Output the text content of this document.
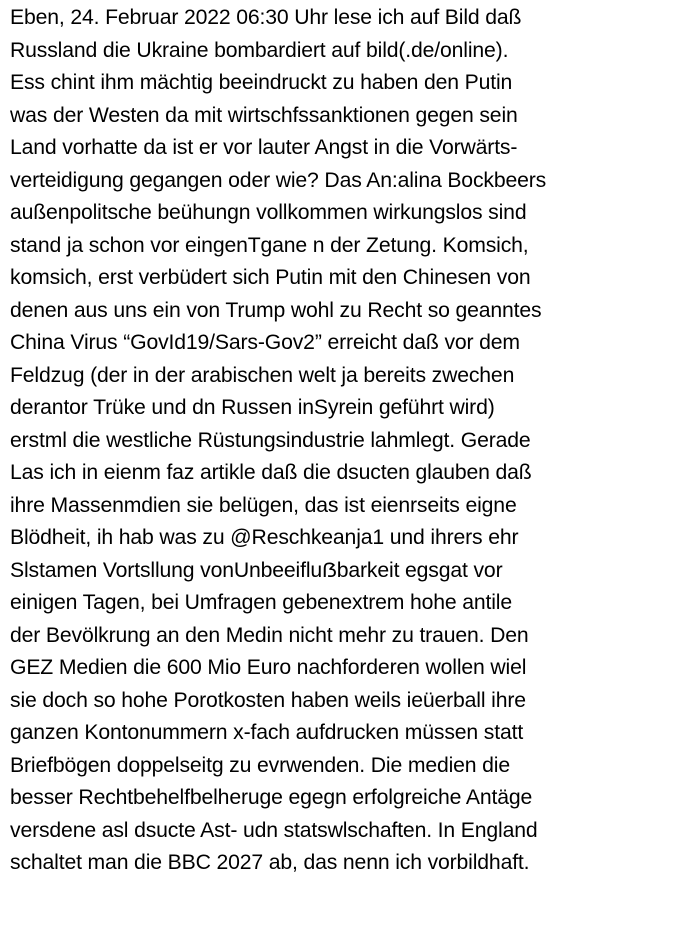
Eben, 24. Februar 2022 06:30 Uhr lese ich auf Bild daß
Russland die Ukraine bombardiert auf bild(.de/online).
Ess chint ihm mächtig beeindruckt zu haben den Putin
was der Westen da mit wirtschfssanktionen gegen sein
Land vorhatte da ist er vor lauter Angst in die Vorwärts-
verteidigung gegangen oder wie? Das An:alina Bockbeers
außenpolitsche beühungn vollkommen wirkungslos sind
stand ja schon vor eingenTgane n der Zetung. Komsich,
komsich, erst verbüdert sich Putin mit den Chinesen von
denen aus uns ein von Trump wohl zu Recht so geanntes
China Virus “GovId19/Sars-Gov2” erreicht daß vor dem
Feldzug (der in der arabischen welt ja bereits zwechen
derantor Trüke und dn Russen inSyrein geführt wird)
erstml die westliche Rüstungsindustrie lahmlegt. Gerade
Las ich in eienm faz artikle daß die dsucten glauben daß
ihre Massenmdien sie belügen, das ist eienrseits eigne
Blödheit, ih hab was zu @Reschkeanja1 und ihrers ehr
Slstamen Vortsllung vonUnbeeifluẞbarkeit egsgat vor
einigen Tagen, bei Umfragen gebenextrem hohe antile
der Bevölkrung an den Medin nicht mehr zu trauen. Den
GEZ Medien die 600 Mio Euro nachforderen wollen wiel
sie doch so hohe Porotkosten haben weils ieüerball ihre
ganzen Kontonummern x-fach aufdrucken müssen statt
Briefbögen doppelseitg zu evrwenden. Die medien die
besser Rechtbehelfbelheruge egegn erfolgreiche Antäge
versdene asl dsucte Ast- udn statswlschaften. In England
schaltet man die BBC 2027 ab, das nenn ich vorbildhaft.
